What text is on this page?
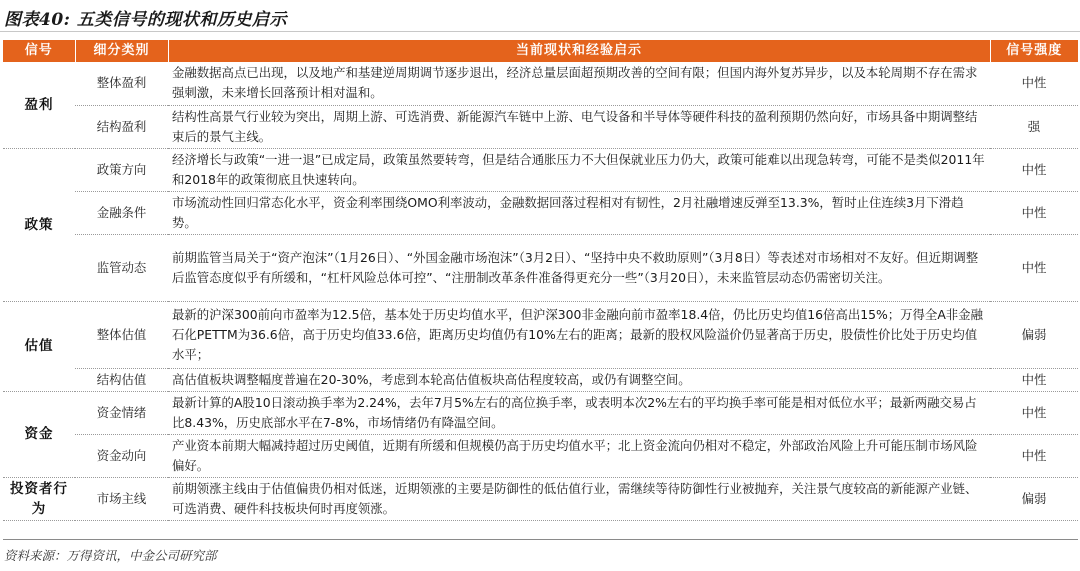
图表40: 五类信号的现状和历史启示
信号	细分类别	当前现状和经验启示	信号强度
盈利	整体盈利	金融数据高点已出现，以及地产和基建逆周期调节逐步退出，经济总量层面超预期改善的空间有限；但国内海外复苏异步，以及本轮周期不存在需求强刺激，未来增长回落预计相对温和。	中性
	结构盈利	结构性高景气行业较为突出，周期上游、可选消费、新能源汽车链中上游、电气设备和半导体等硬件科技的盈利预期仍然向好，市场具备中期调整结束后的景气主线。	强
政策	政策方向	经济增长与政策“一进一退”已成定局，政策虽然要转弯，但是结合通胀压力不大但保就业压力仍大，政策可能难以出现急转弯，可能不是类似2011年和2018年的政策彻底且快速转向。	中性
	金融条件	市场流动性回归常态化水平，资金利率围绕OMO利率波动，金融数据回落过程相对有韧性，2月社融增速反弹至13.3%，暂时止住连续3月下滑趋势。	中性
	监管动态	前期监管当局关于“资产泡沫”（1月26日）、“外国金融市场泡沫”（3月2日）、“坚持中央不救助原则”（3月8日）等表述对市场相对不友好。但近期调整后监管态度似乎有所缓和，“杠杆风险总体可控”、“注册制改革条件准备得更充分一些”（3月20日），未来监管层动态仍需密切关注。	中性
估值	整体估值	最新的沪深300前向市盈率为12.5倍，基本处于历史均值水平，但沪深300非金融向前市盈率18.4倍，仍比历史均值16倍高出15%；万得全A非金融石化PETTM为36.6倍，高于历史均值33.6倍，距离历史均值仍有10%左右的距离；最新的股权风险溢价仍显著高于历史，股债性价比处于历史均值水平；	偏弱
	结构估值	高估值板块调整幅度普遍在20-30%，考虑到本轮高估值板块高估程度较高，或仍有调整空间。	中性
资金	资金情绪	最新计算的A股10日滚动换手率为2.24%，去年7月5%左右的高位换手率，或表明本次2%左右的平均换手率可能是相对低位水平；最新两融交易占比8.43%，历史底部水平在7-8%，市场情绪仍有降温空间。	中性
	资金动向	产业资本前期大幅减持超过历史阈值，近期有所缓和但规模仍高于历史均值水平；北上资金流向仍相对不稳定，外部政治风险上升可能压制市场风险偏好。	中性
投资者行为	市场主线	前期领涨主线由于估值偏贵仍相对低迷，近期领涨的主要是防御性的低估值行业，需继续等待防御性行业被抛弃，关注景气度较高的新能源产业链、可选消费、硬件科技板块何时再度领涨。	偏弱
资料来源：万得资讯，中金公司研究部
